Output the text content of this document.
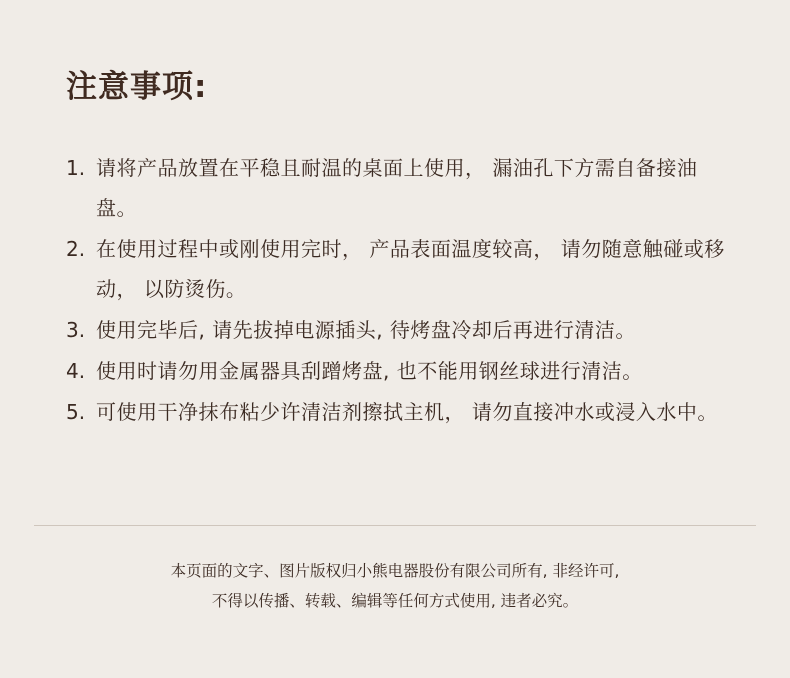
注意事项:
1. 请将产品放置在平稳且耐温的桌面上使用， 漏油孔下方需自备接油盘。
2. 在使用过程中或刚使用完时， 产品表面温度较高， 请勿随意触碰或移动， 以防烫伤。
3. 使用完毕后, 请先拔掉电源插头, 待烤盘冷却后再进行清洁。
4. 使用时请勿用金属器具刮蹭烤盘, 也不能用钢丝球进行清洁。
5. 可使用干净抹布粘少许清洁剂擦拭主机， 请勿直接冲水或浸入水中。
本页面的文字、图片版权归小熊电器股份有限公司所有, 非经许可,
不得以传播、转载、编辑等任何方式使用, 违者必究。
